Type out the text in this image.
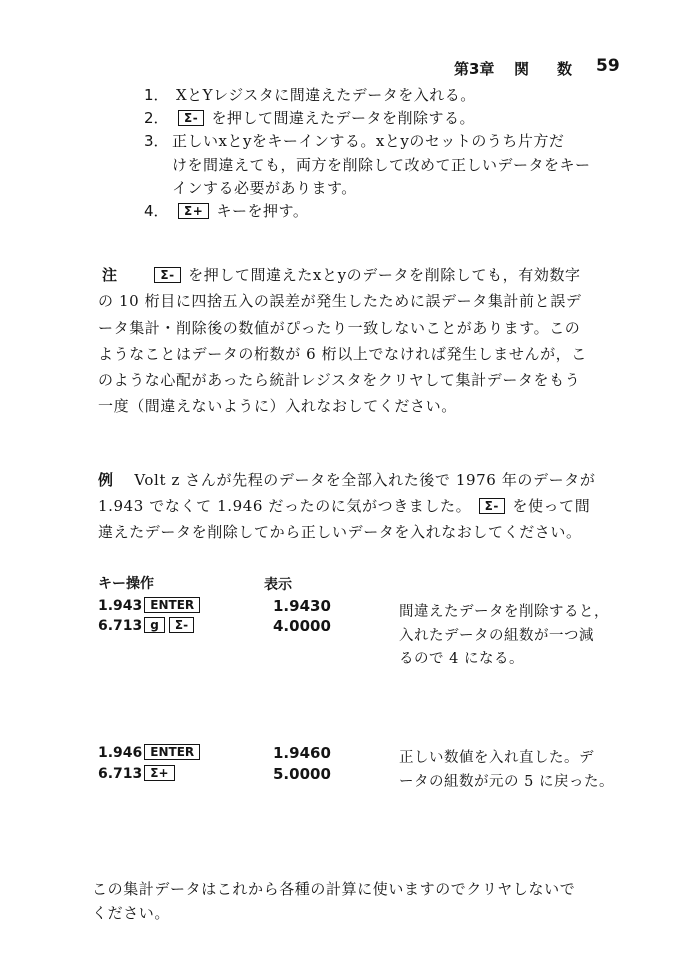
第3章 関数
59
1． XとYレジスタに間違えたデータを入れる。
2．	Σ- を押して間違えたデータを削除する。
3． 正しいxとyをキーインする。xとyのセットのうち片方だ
けを間違えても，両方を削除して改めて正しいデータをキー
インする必要があります。
4．	Σ+ キーを押す。
注	Σ- を押して間違えたxとyのデータを削除しても，有効数字
の 10 桁目に四捨五入の誤差が発生したために誤データ集計前と誤デ
ータ集計・削除後の数値がぴったり一致しないことがあります。この
ようなことはデータの桁数が 6 桁以上でなければ発生しませんが，こ
のような心配があったら統計レジスタをクリヤして集計データをもう
一度（間違えないように）入れなおしてください。
例 Volt z さんが先程のデータを全部入れた後で 1976 年のデータが
1.943 でなくて 1.946 だったのに気がつきました。 Σ- を使って間
違えたデータを削除してから正しいデータを入れなおしてください。
キー操作	表示
1.943 ENTER	1.9430
6.713 g Σ-	4.0000
間違えたデータを削除すると，
入れたデータの組数が一つ減
るので 4 になる。
1.946 ENTER	1.9460
6.713 Σ+	5.0000
正しい数値を入れ直した。デ
ータの組数が元の 5 に戻った。
この集計データはこれから各種の計算に使いますのでクリヤしないで
ください。
